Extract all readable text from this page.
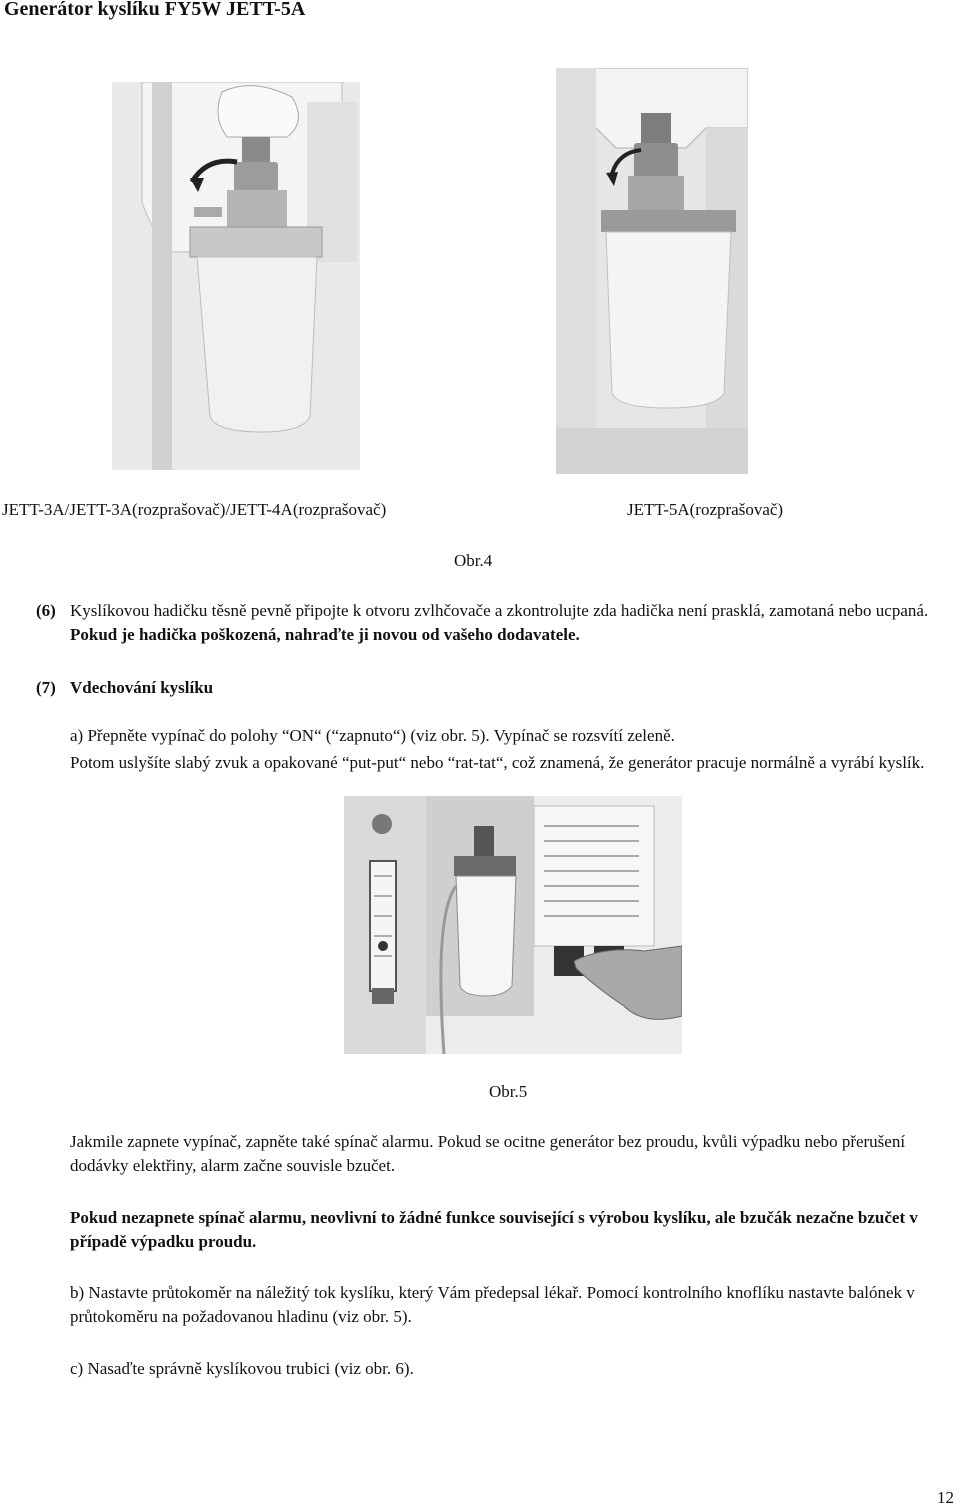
Generátor kyslíku FY5W JETT-5A
JETT-3A/JETT-3A(rozprašovač)/JETT-4A(rozprašovač)	JETT-5A(rozprašovač)
Obr.4
(6) Kyslíkovou hadičku těsně pevně připojte k otvoru zvlhčovače a zkontrolujte zda hadička není prasklá, zamotaná nebo ucpaná. Pokud je hadička poškozená, nahraďte ji novou od vašeho dodavatele.
(7) Vdechování kyslíku
a) Přepněte vypínač do polohy “ON“ (“zapnuto“) (viz obr. 5). Vypínač se rozsvítí zeleně.
Potom uslyšíte slabý zvuk a opakované “put-put“ nebo “rat-tat“, což znamená, že generátor pracuje normálně a vyrábí kyslík.
Obr.5
Jakmile zapnete vypínač, zapněte také spínač alarmu. Pokud se ocitne generátor bez proudu, kvůli výpadku nebo přerušení dodávky elektřiny, alarm začne souvisle bzučet.
Pokud nezapnete spínač alarmu, neovlivní to žádné funkce související s výrobou kyslíku, ale bzučák nezačne bzučet v případě výpadku proudu.
b) Nastavte průtokoměr na náležitý tok kyslíku, který Vám předepsal lékař. Pomocí kontrolního knoflíku nastavte balónek v průtokoměru na požadovanou hladinu (viz obr. 5).
c) Nasaďte správně kyslíkovou trubici (viz obr. 6).
12
